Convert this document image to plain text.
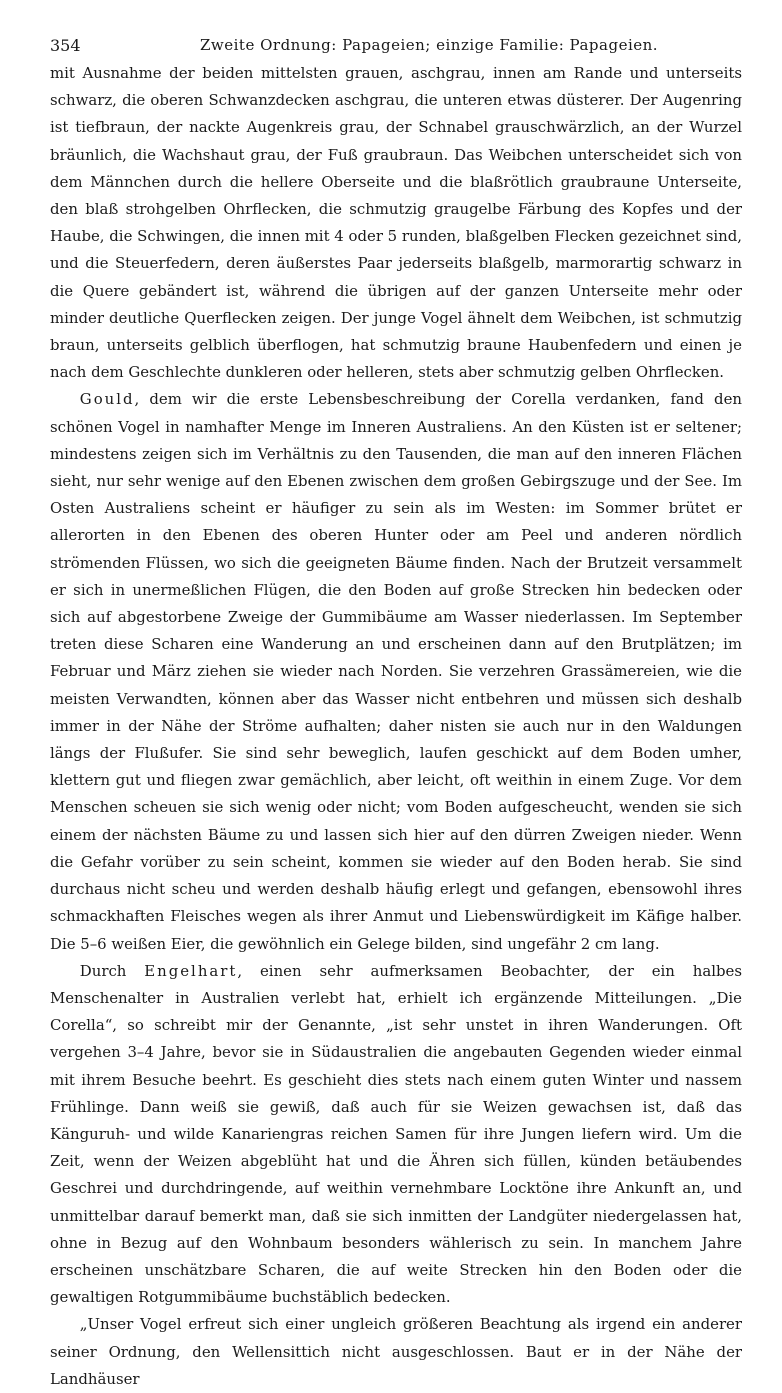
354	Zweite Ordnung: Papageien; einzige Familie: Papageien.

mit Ausnahme der beiden mittelsten grauen, aschgrau, innen am Rande und unterseits schwarz, die oberen Schwanzdecken aschgrau, die unteren etwas düsterer. Der Augenring ist tiefbraun, der nackte Augenkreis grau, der Schnabel grauschwärzlich, an der Wurzel bräunlich, die Wachshaut grau, der Fuß graubraun. Das Weibchen unterscheidet sich von dem Männchen durch die hellere Oberseite und die blaßrötlich graubraune Unterseite, den blaß strohgelben Ohrflecken, die schmutzig graugelbe Färbung des Kopfes und der Haube, die Schwingen, die innen mit 4 oder 5 runden, blaßgelben Flecken gezeichnet sind, und die Steuerfedern, deren äußerstes Paar jederseits blaßgelb, marmorartig schwarz in die Quere gebändert ist, während die übrigen auf der ganzen Unterseite mehr oder minder deutliche Querflecken zeigen. Der junge Vogel ähnelt dem Weibchen, ist schmutzig braun, unterseits gelblich überflogen, hat schmutzig braune Haubenfedern und einen je nach dem Geschlechte dunkleren oder helleren, stets aber schmutzig gelben Ohrflecken.

Gould, dem wir die erste Lebensbeschreibung der Corella verdanken, fand den schönen Vogel in namhafter Menge im Inneren Australiens. An den Küsten ist er seltener; mindestens zeigen sich im Verhältnis zu den Tausenden, die man auf den inneren Flächen sieht, nur sehr wenige auf den Ebenen zwischen dem großen Gebirgszuge und der See. Im Osten Australiens scheint er häufiger zu sein als im Westen: im Sommer brütet er allerorten in den Ebenen des oberen Hunter oder am Peel und anderen nördlich strömenden Flüssen, wo sich die geeigneten Bäume finden. Nach der Brutzeit versammelt er sich in unermeßlichen Flügen, die den Boden auf große Strecken hin bedecken oder sich auf abgestorbene Zweige der Gummibäume am Wasser niederlassen. Im September treten diese Scharen eine Wanderung an und erscheinen dann auf den Brutplätzen; im Februar und März ziehen sie wieder nach Norden. Sie verzehren Grassämereien, wie die meisten Verwandten, können aber das Wasser nicht entbehren und müssen sich deshalb immer in der Nähe der Ströme aufhalten; daher nisten sie auch nur in den Waldungen längs der Flußufer. Sie sind sehr beweglich, laufen geschickt auf dem Boden umher, klettern gut und fliegen zwar gemächlich, aber leicht, oft weithin in einem Zuge. Vor dem Menschen scheuen sie sich wenig oder nicht; vom Boden aufgescheucht, wenden sie sich einem der nächsten Bäume zu und lassen sich hier auf den dürren Zweigen nieder. Wenn die Gefahr vorüber zu sein scheint, kommen sie wieder auf den Boden herab. Sie sind durchaus nicht scheu und werden deshalb häufig erlegt und gefangen, ebensowohl ihres schmackhaften Fleisches wegen als ihrer Anmut und Liebenswürdigkeit im Käfige halber. Die 5–6 weißen Eier, die gewöhnlich ein Gelege bilden, sind ungefähr 2 cm lang.

Durch Engelhart, einen sehr aufmerksamen Beobachter, der ein halbes Menschenalter in Australien verlebt hat, erhielt ich ergänzende Mitteilungen. „Die Corella“, so schreibt mir der Genannte, „ist sehr unstet in ihren Wanderungen. Oft vergehen 3–4 Jahre, bevor sie in Südaustralien die angebauten Gegenden wieder einmal mit ihrem Besuche beehrt. Es geschieht dies stets nach einem guten Winter und nassem Frühlinge. Dann weiß sie gewiß, daß auch für sie Weizen gewachsen ist, daß das Känguruh- und wilde Kanariengras reichen Samen für ihre Jungen liefern wird. Um die Zeit, wenn der Weizen abgeblüht hat und die Ähren sich füllen, künden betäubendes Geschrei und durchdringende, auf weithin vernehmbare Locktöne ihre Ankunft an, und unmittelbar darauf bemerkt man, daß sie sich inmitten der Landgüter niedergelassen hat, ohne in Bezug auf den Wohnbaum besonders wählerisch zu sein. In manchem Jahre erscheinen unschätzbare Scharen, die auf weite Strecken hin den Boden oder die gewaltigen Rotgummibäume buchstäblich bedecken.

„Unser Vogel erfreut sich einer ungleich größeren Beachtung als irgend ein anderer seiner Ordnung, den Wellensittich nicht ausgeschlossen. Baut er in der Nähe der Landhäuser
